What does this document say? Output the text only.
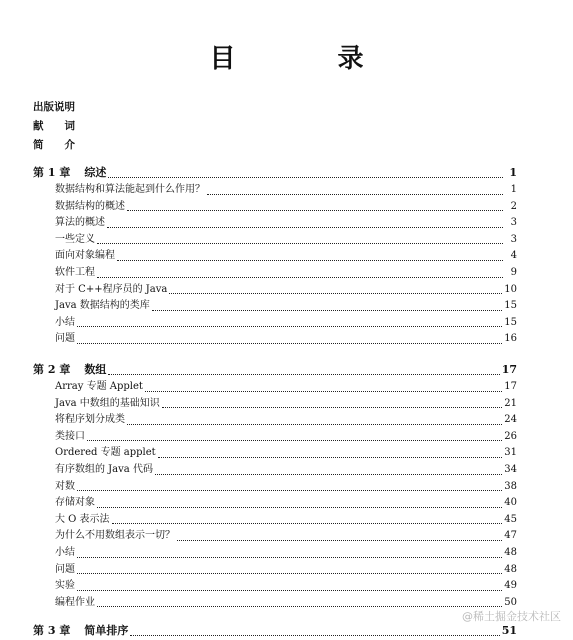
目　录
出版说明
献　　词
简　　介
第 1 章 综述	1
数据结构和算法能起到什么作用？	1
数据结构的概述	2
算法的概述	3
一些定义	3
面向对象编程	4
软件工程	9
对于 C++程序员的 Java	10
Java 数据结构的类库	15
小结	15
问题	16
第 2 章 数组	17
Array 专题 Applet	17
Java 中数组的基础知识	21
将程序划分成类	24
类接口	26
Ordered 专题 applet	31
有序数组的 Java 代码	34
对数	38
存储对象	40
大 O 表示法	45
为什么不用数组表示一切？	47
小结	48
问题	48
实验	49
编程作业	50
第 3 章 简单排序	51
@稀土掘金技术社区
